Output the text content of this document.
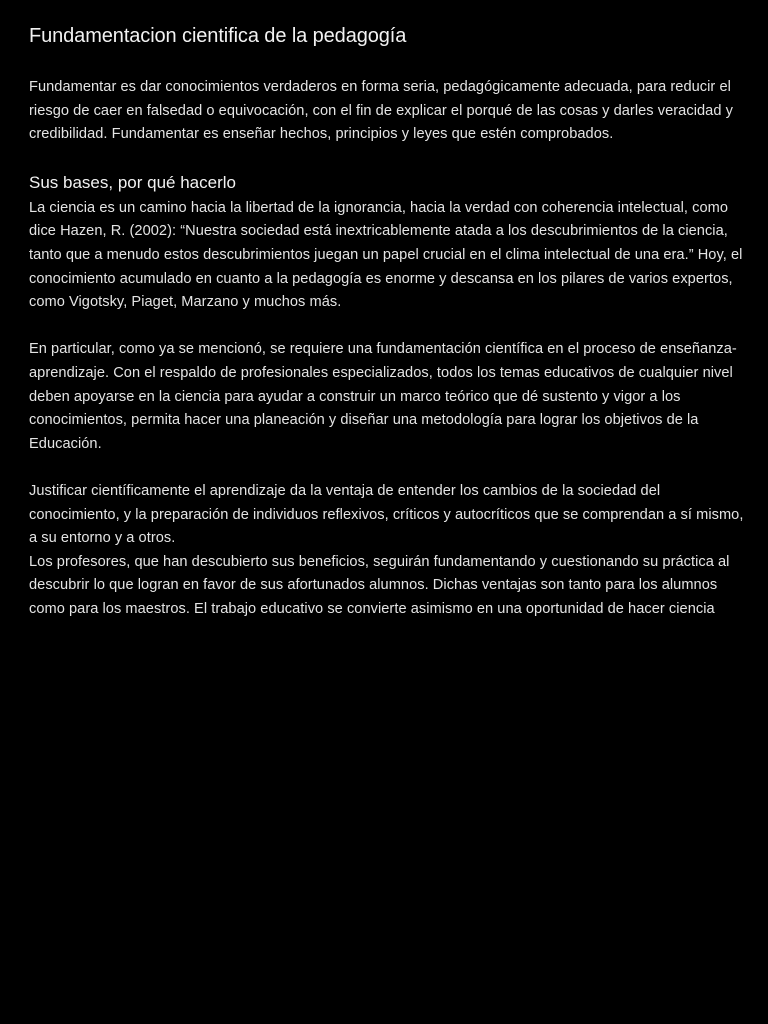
Fundamentacion cientifica de la pedagogía

Fundamentar es dar conocimientos verdaderos en forma seria, pedagógicamente adecuada, para reducir el riesgo de caer en falsedad o equivocación, con el fin de explicar el porqué de las cosas y darles veracidad y credibilidad. Fundamentar es enseñar hechos, principios y leyes que estén comprobados.

Sus bases, por qué hacerlo

La ciencia es un camino hacia la libertad de la ignorancia, hacia la verdad con coherencia intelectual, como dice Hazen, R. (2002): “Nuestra sociedad está inextricablemente atada a los descubrimientos de la ciencia, tanto que a menudo estos descubrimientos juegan un papel crucial en el clima intelectual de una era.” Hoy, el conocimiento acumulado en cuanto a la pedagogía es enorme y descansa en los pilares de varios expertos, como Vigotsky, Piaget, Marzano y muchos más.

En particular, como ya se mencionó, se requiere una fundamentación científica en el proceso de enseñanza-aprendizaje. Con el respaldo de profesionales especializados, todos los temas educativos de cualquier nivel deben apoyarse en la ciencia para ayudar a construir un marco teórico que dé sustento y vigor a los conocimientos, permita hacer una planeación y diseñar una metodología para lograr los objetivos de la Educación.

Justificar científicamente el aprendizaje da la ventaja de entender los cambios de la sociedad del conocimiento, y la preparación de individuos reflexivos, críticos y autocríticos que se comprendan a sí mismo, a su entorno y a otros.

Los profesores, que han descubierto sus beneficios, seguirán fundamentando y cuestionando su práctica al descubrir lo que logran en favor de sus afortunados alumnos. Dichas ventajas son tanto para los alumnos como para los maestros. El trabajo educativo se convierte asimismo en una oportunidad de hacer ciencia
